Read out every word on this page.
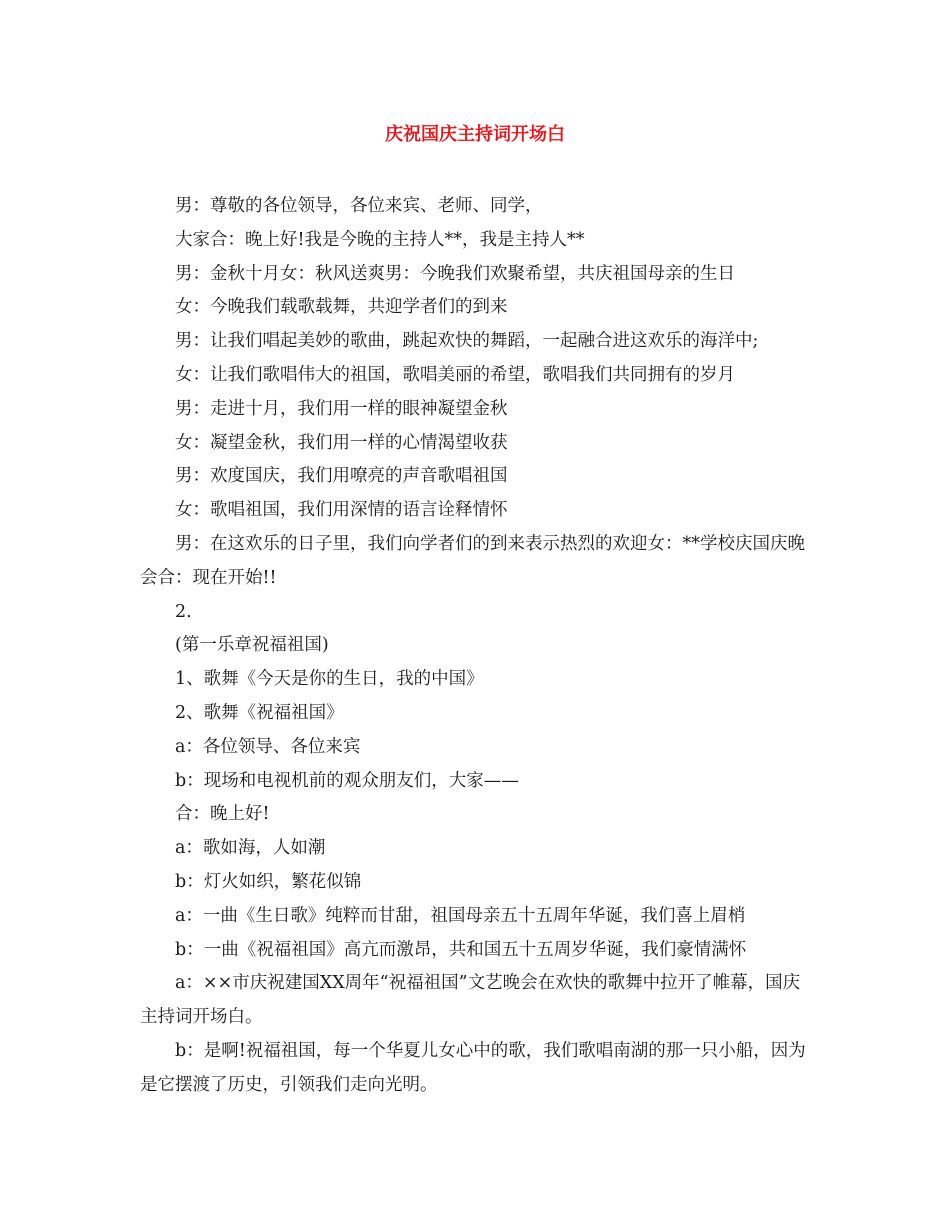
庆祝国庆主持词开场白

男：尊敬的各位领导，各位来宾、老师、同学，

大家合：晚上好!我是今晚的主持人**，我是主持人**

男：金秋十月女：秋风送爽男：今晚我们欢聚希望，共庆祖国母亲的生日

女：今晚我们载歌载舞，共迎学者们的到来

男：让我们唱起美妙的歌曲，跳起欢快的舞蹈，一起融合进这欢乐的海洋中;

女：让我们歌唱伟大的祖国，歌唱美丽的希望，歌唱我们共同拥有的岁月

男：走进十月，我们用一样的眼神凝望金秋

女：凝望金秋，我们用一样的心情渴望收获

男：欢度国庆，我们用嘹亮的声音歌唱祖国

女：歌唱祖国，我们用深情的语言诠释情怀

男：在这欢乐的日子里，我们向学者们的到来表示热烈的欢迎女：**学校庆国庆晚会合：现在开始!!

2.

(第一乐章祝福祖国)

1、歌舞《今天是你的生日，我的中国》

2、歌舞《祝福祖国》

a：各位领导、各位来宾

b：现场和电视机前的观众朋友们，大家——

合：晚上好!

a：歌如海，人如潮

b：灯火如织，繁花似锦

a：一曲《生日歌》纯粹而甘甜，祖国母亲五十五周年华诞，我们喜上眉梢

b：一曲《祝福祖国》高亢而激昂，共和国五十五周岁华诞，我们豪情满怀

a：××市庆祝建国XX周年“祝福祖国”文艺晚会在欢快的歌舞中拉开了帷幕，国庆主持词开场白。

b：是啊!祝福祖国，每一个华夏儿女心中的歌，我们歌唱南湖的那一只小船，因为是它摆渡了历史，引领我们走向光明。
